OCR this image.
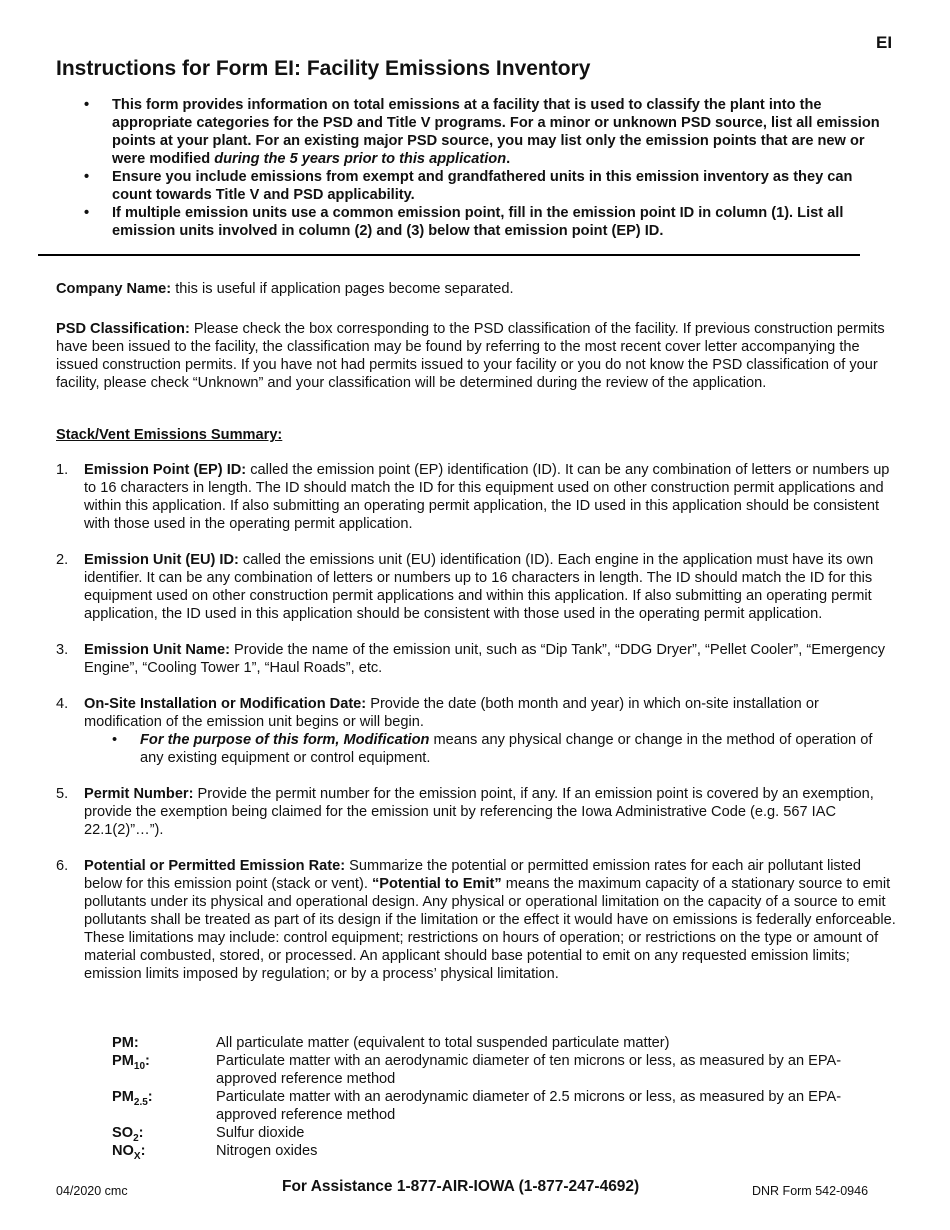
EI
Instructions for Form EI: Facility Emissions Inventory
• This form provides information on total emissions at a facility that is used to classify the plant into the appropriate categories for the PSD and Title V programs. For a minor or unknown PSD source, list all emission points at your plant. For an existing major PSD source, you may list only the emission points that are new or were modified during the 5 years prior to this application.
• Ensure you include emissions from exempt and grandfathered units in this emission inventory as they can count towards Title V and PSD applicability.
• If multiple emission units use a common emission point, fill in the emission point ID in column (1). List all emission units involved in column (2) and (3) below that emission point (EP) ID.

Company Name: this is useful if application pages become separated.

PSD Classification: Please check the box corresponding to the PSD classification of the facility. If previous construction permits have been issued to the facility, the classification may be found by referring to the most recent cover letter accompanying the issued construction permits. If you have not had permits issued to your facility or you do not know the PSD classification of your facility, please check “Unknown” and your classification will be determined during the review of the application.

Stack/Vent Emissions Summary:

1. Emission Point (EP) ID: called the emission point (EP) identification (ID). It can be any combination of letters or numbers up to 16 characters in length. The ID should match the ID for this equipment used on other construction permit applications and within this application. If also submitting an operating permit application, the ID used in this application should be consistent with those used in the operating permit application.
2. Emission Unit (EU) ID: called the emissions unit (EU) identification (ID). Each engine in the application must have its own identifier. It can be any combination of letters or numbers up to 16 characters in length. The ID should match the ID for this equipment used on other construction permit applications and within this application. If also submitting an operating permit application, the ID used in this application should be consistent with those used in the operating permit application.
3. Emission Unit Name: Provide the name of the emission unit, such as “Dip Tank”, “DDG Dryer”, “Pellet Cooler”, “Emergency Engine”, “Cooling Tower 1”, “Haul Roads”, etc.
4. On-Site Installation or Modification Date: Provide the date (both month and year) in which on-site installation or modification of the emission unit begins or will begin.
• For the purpose of this form, Modification means any physical change or change in the method of operation of any existing equipment or control equipment.
5. Permit Number: Provide the permit number for the emission point, if any. If an emission point is covered by an exemption, provide the exemption being claimed for the emission unit by referencing the Iowa Administrative Code (e.g. 567 IAC 22.1(2)”…”).
6. Potential or Permitted Emission Rate: Summarize the potential or permitted emission rates for each air pollutant listed below for this emission point (stack or vent). “Potential to Emit” means the maximum capacity of a stationary source to emit pollutants under its physical and operational design. Any physical or operational limitation on the capacity of a source to emit pollutants shall be treated as part of its design if the limitation or the effect it would have on emissions is federally enforceable. These limitations may include: control equipment; restrictions on hours of operation; or restrictions on the type or amount of material combusted, stored, or processed. An applicant should base potential to emit on any requested emission limits; emission limits imposed by regulation; or by a process’ physical limitation.
PM:	All particulate matter (equivalent to total suspended particulate matter)
$PM_{10}$:	Particulate matter with an aerodynamic diameter of ten microns or less, as measured by an EPA-approved reference method
$PM_{2.5}$:	Particulate matter with an aerodynamic diameter of 2.5 microns or less, as measured by an EPA-approved reference method
$SO_2$:	Sulfur dioxide
$NO_X$:	Nitrogen oxides
04/2020 cmc	For Assistance 1-877-AIR-IOWA (1-877-247-4692)	DNR Form 542-0946
